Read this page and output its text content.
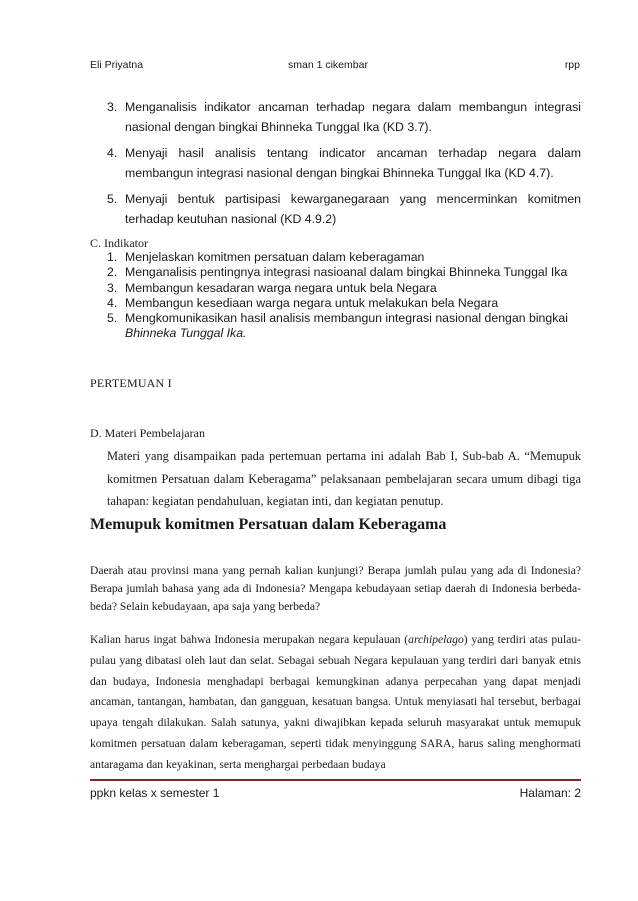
Eli Priyatna	sman 1 cikembar	rpp
3. Menganalisis indikator ancaman terhadap negara dalam membangun integrasi nasional dengan bingkai Bhinneka Tunggal Ika (KD 3.7).
4. Menyaji hasil analisis tentang indicator ancaman terhadap negara dalam membangun integrasi nasional dengan bingkai Bhinneka Tunggal Ika (KD 4.7).
5. Menyaji bentuk partisipasi kewarganegaraan yang mencerminkan komitmen terhadap keutuhan nasional (KD 4.9.2)
C. Indikator
1. Menjelaskan komitmen persatuan dalam keberagaman
2. Menganalisis pentingnya integrasi nasioanal dalam bingkai Bhinneka Tunggal Ika
3. Membangun kesadaran warga negara untuk bela Negara
4. Membangun kesediaan warga negara untuk melakukan bela Negara
5. Mengkomunikasikan hasil analisis membangun integrasi nasional dengan bingkai
Bhinneka Tunggal Ika.
PERTEMUAN I
D. Materi Pembelajaran
Materi yang disampaikan pada pertemuan pertama ini adalah Bab I, Sub-bab A. “Memupuk komitmen Persatuan dalam Keberagama” pelaksanaan pembelajaran secara umum dibagi tiga tahapan: kegiatan pendahuluan, kegiatan inti, dan kegiatan penutup.
Memupuk komitmen Persatuan dalam Keberagama
Daerah atau provinsi mana yang pernah kalian kunjungi? Berapa jumlah pulau yang ada di Indonesia? Berapa jumlah bahasa yang ada di Indonesia? Mengapa kebudayaan setiap daerah di Indonesia berbeda-beda? Selain kebudayaan, apa saja yang berbeda?
Kalian harus ingat bahwa Indonesia merupakan negara kepulauan (archipelago) yang terdiri atas pulau-pulau yang dibatasi oleh laut dan selat. Sebagai sebuah Negara kepulauan yang terdiri dari banyak etnis dan budaya, Indonesia menghadapi berbagai kemungkinan adanya perpecahan yang dapat menjadi ancaman, tantangan, hambatan, dan gangguan, kesatuan bangsa. Untuk menyiasati hal tersebut, berbagai upaya tengah dilakukan. Salah satunya, yakni diwajibkan kepada seluruh masyarakat untuk memupuk komitmen persatuan dalam keberagaman, seperti tidak menyinggung SARA, harus saling menghormati antaragama dan keyakinan, serta menghargai perbedaan budaya
ppkn kelas x semester 1	Halaman: 2
